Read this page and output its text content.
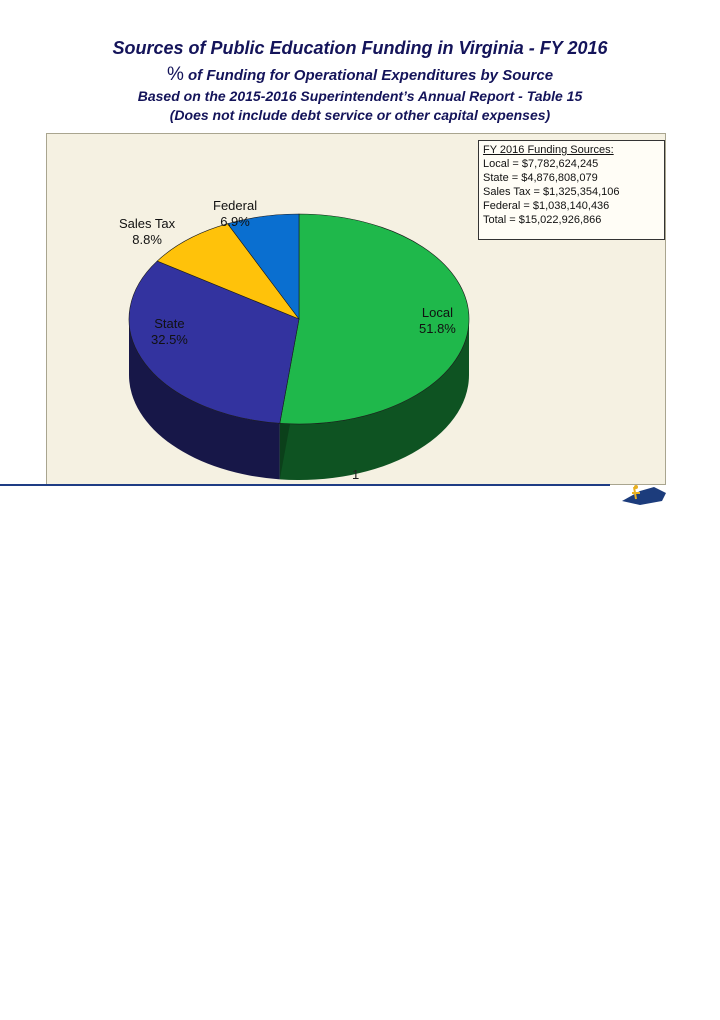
Sources of Public Education Funding in Virginia - FY 2016
% of Funding for Operational Expenditures by Source
Based on the 2015-2016 Superintendent’s Annual Report - Table 15
(Does not include debt service or other capital expenses)
Sales Tax
8.8%
Federal
6.9%
Local
51.8%
State
32.5%
FY 2016 Funding Sources:
Local = $7,782,624,245
State = $4,876,808,079
Sales Tax = $1,325,354,106
Federal = $1,038,140,436
Total = $15,022,926,866
1
